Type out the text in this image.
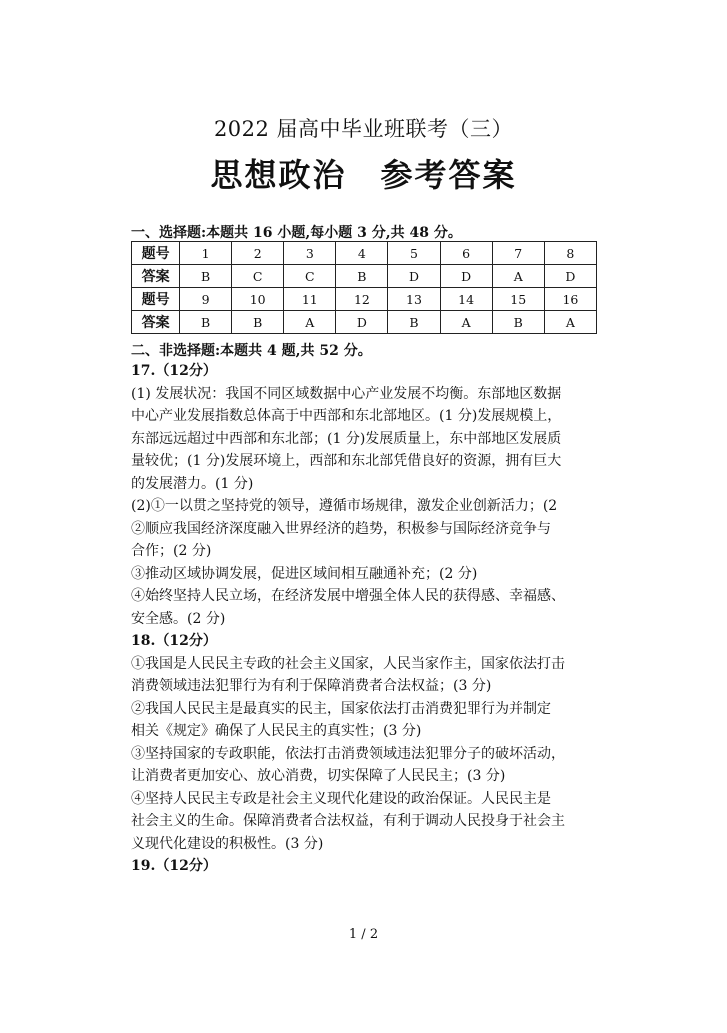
2022 届高中毕业班联考（三）
思想政治　参考答案
一、选择题:本题共 16 小题,每小题 3 分,共 48 分。
题号	1	2	3	4	5	6	7	8
答案	B	C	C	B	D	D	A	D
题号	9	10	11	12	13	14	15	16
答案	B	B	A	D	B	A	B	A
二、非选择题:本题共 4 题,共 52 分。

17.（12分）

(1) 发展状况：我国不同区域数据中心产业发展不均衡。东部地区数据

中心产业发展指数总体高于中西部和东北部地区。(1 分)发展规模上，

东部远远超过中西部和东北部；(1 分)发展质量上，东中部地区发展质

量较优；(1 分)发展环境上，西部和东北部凭借良好的资源，拥有巨大

的发展潜力。(1 分)

(2)①一以贯之坚持党的领导，遵循市场规律，激发企业创新活力；(2

②顺应我国经济深度融入世界经济的趋势，积极参与国际经济竞争与

合作；(2 分)

③推动区域协调发展，促进区域间相互融通补充；(2 分)

④始终坚持人民立场，在经济发展中增强全体人民的获得感、幸福感、

安全感。(2 分)

18.（12分）

①我国是人民民主专政的社会主义国家，人民当家作主，国家依法打击

消费领域违法犯罪行为有利于保障消费者合法权益；(3 分)

②我国人民民主是最真实的民主，国家依法打击消费犯罪行为并制定

相关《规定》确保了人民民主的真实性；(3 分)

③坚持国家的专政职能，依法打击消费领域违法犯罪分子的破坏活动，

让消费者更加安心、放心消费，切实保障了人民民主；(3 分)

④坚持人民民主专政是社会主义现代化建设的政治保证。人民民主是

社会主义的生命。保障消费者合法权益，有利于调动人民投身于社会主

义现代化建设的积极性。(3 分)

19.（12分）

1 / 2
